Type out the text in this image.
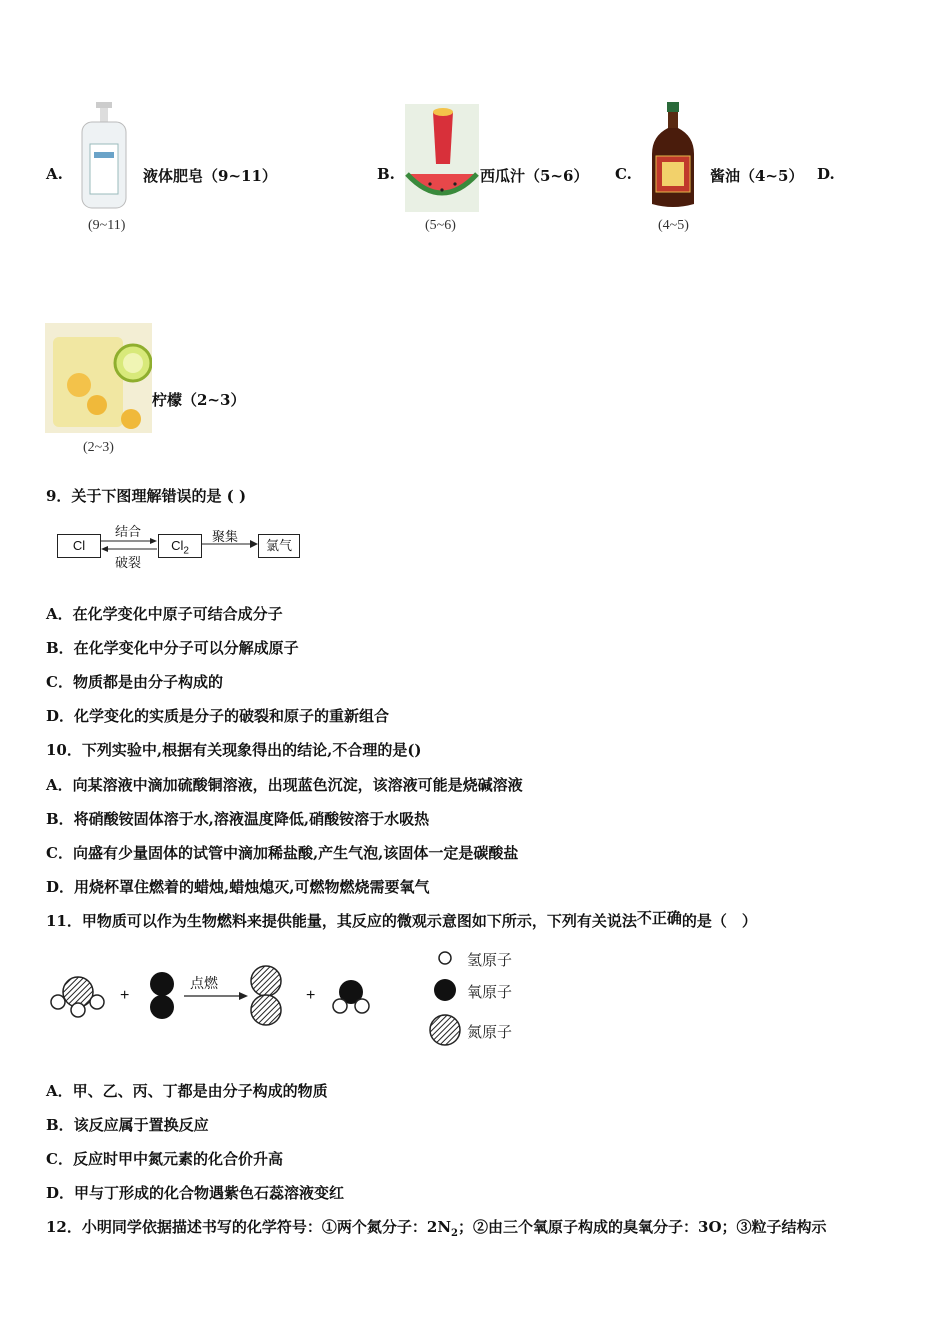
A.	液体肥皂（9~11）
(9~11)
B.	西瓜汁（5~6）
(5~6)
C.	酱油（4~5）
(4~5)
D.
柠檬（2~3）
(2~3)
9．关于下图理解错误的是 ( )
Cl
结合
破裂
$Cl_2$
聚集
氯气
A．在化学变化中原子可结合成分子
B．在化学变化中分子可以分解成原子
C．物质都是由分子构成的
D．化学变化的实质是分子的破裂和原子的重新组合
10．下列实验中,根据有关现象得出的结论,不合理的是()
A．向某溶液中滴加硫酸铜溶液，出现蓝色沉淀，该溶液可能是烧碱溶液
B．将硝酸铵固体溶于水,溶液温度降低,硝酸铵溶于水吸热
C．向盛有少量固体的试管中滴加稀盐酸,产生气泡,该固体一定是碳酸盐
D．用烧杯罩住燃着的蜡烛,蜡烛熄灭,可燃物燃烧需要氧气
11．甲物质可以作为生物燃料来提供能量，其反应的微观示意图如下所示，下列有关说法不正确的是（　）
+	+
点燃
氢原子
氧原子
氮原子
A．甲、乙、丙、丁都是由分子构成的物质
B．该反应属于置换反应
C．反应时甲中氮元素的化合价升高
D．甲与丁形成的化合物遇紫色石蕊溶液变红
12．小明同学依据描述书写的化学符号：①两个氮分子：$2N_2$；②由三个氧原子构成的臭氧分子：3O；③粒子结构示
